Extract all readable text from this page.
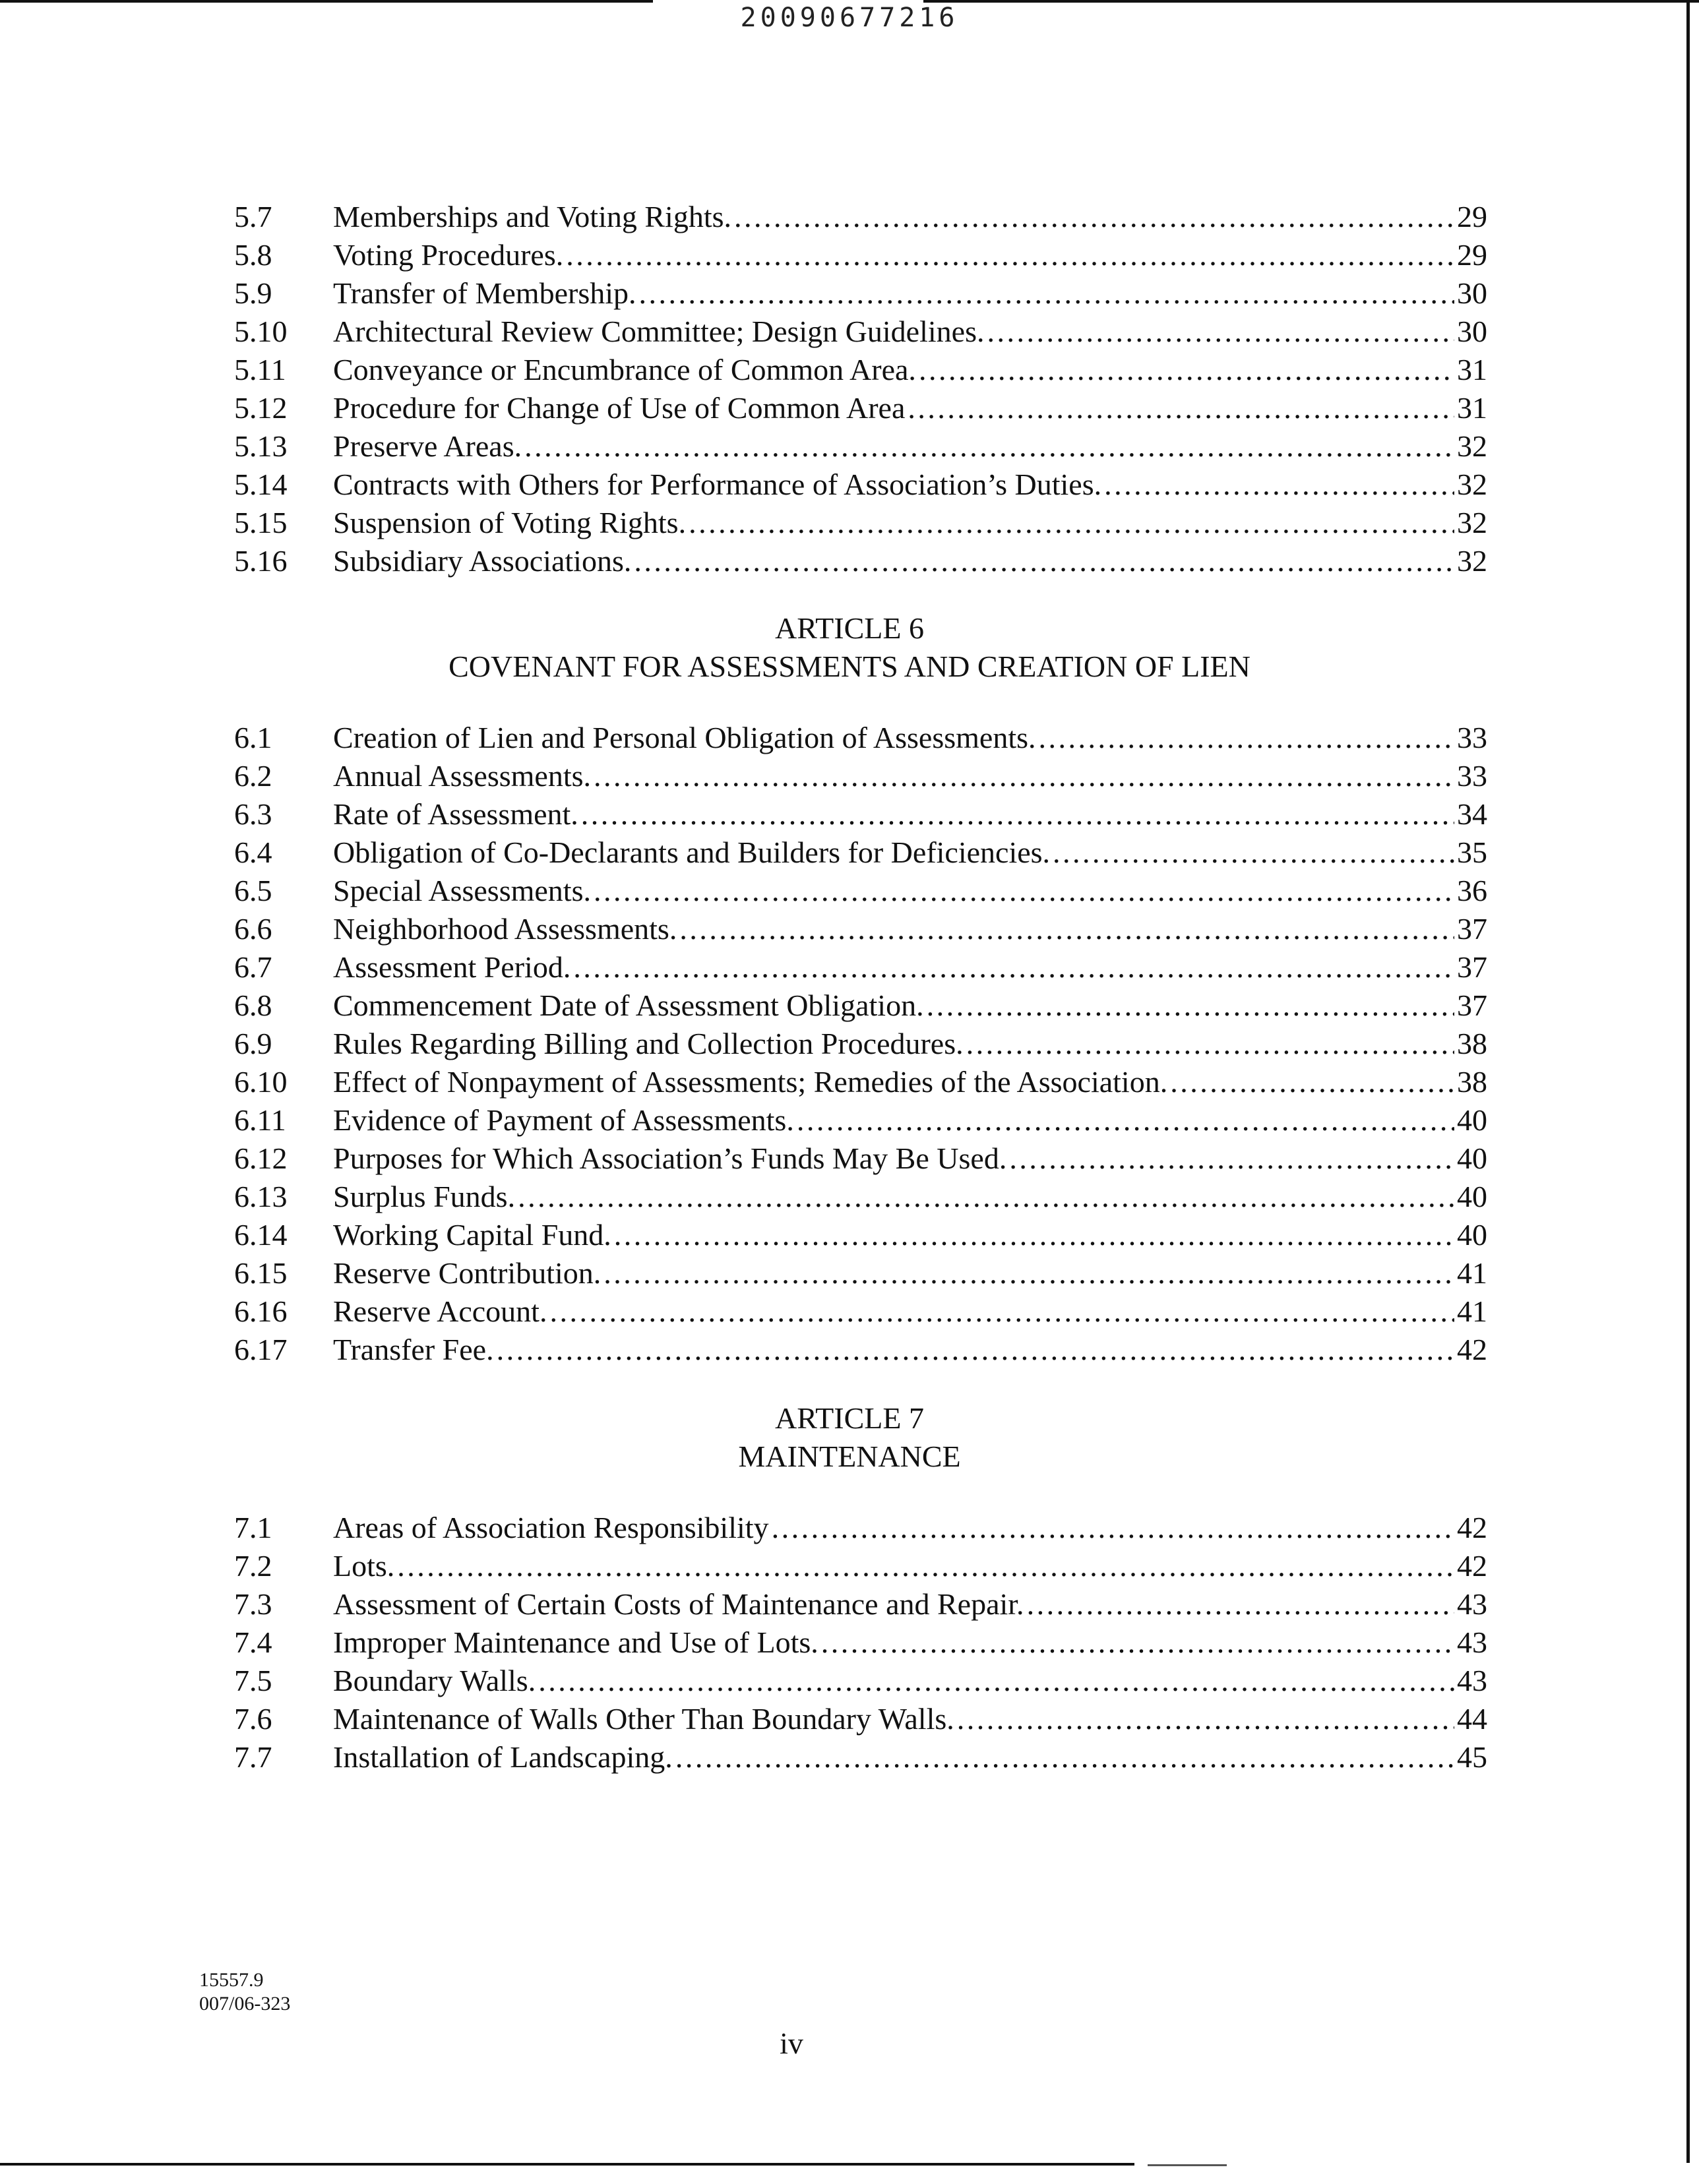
20090677216
5.7	Memberships and Voting Rights. . . .	29
5.8	Voting Procedures. . . .	29
5.9	Transfer of Membership. . . .	30
5.10	Architectural Review Committee; Design Guidelines. . . .	30
5.11	Conveyance or Encumbrance of Common Area. . . .	31
5.12	Procedure for Change of Use of Common Area . . .	31
5.13	Preserve Areas. . . .	32
5.14	Contracts with Others for Performance of Association’s Duties. . . .	32
5.15	Suspension of Voting Rights. . . .	32
5.16	Subsidiary Associations. . . .	32
ARTICLE 6
COVENANT FOR ASSESSMENTS AND CREATION OF LIEN
6.1	Creation of Lien and Personal Obligation of Assessments. . . .	33
6.2	Annual Assessments. . . .	33
6.3	Rate of Assessment. . . .	34
6.4	Obligation of Co-Declarants and Builders for Deficiencies. . . .	35
6.5	Special Assessments. . . .	36
6.6	Neighborhood Assessments. . . .	37
6.7	Assessment Period. . . .	37
6.8	Commencement Date of Assessment Obligation. . . .	37
6.9	Rules Regarding Billing and Collection Procedures. . . .	38
6.10	Effect of Nonpayment of Assessments; Remedies of the Association. . . .	38
6.11	Evidence of Payment of Assessments. . . .	40
6.12	Purposes for Which Association’s Funds May Be Used. . . .	40
6.13	Surplus Funds. . . .	40
6.14	Working Capital Fund. . . .	40
6.15	Reserve Contribution. . . .	41
6.16	Reserve Account. . . .	41
6.17	Transfer Fee. . . .	42
ARTICLE 7
MAINTENANCE
7.1	Areas of Association Responsibility . . .	42
7.2	Lots. . . .	42
7.3	Assessment of Certain Costs of Maintenance and Repair. . . .	43
7.4	Improper Maintenance and Use of Lots. . . .	43
7.5	Boundary Walls. . . .	43
7.6	Maintenance of Walls Other Than Boundary Walls. . . .	44
7.7	Installation of Landscaping. . . .	45
15557.9
007/06-323
iv
